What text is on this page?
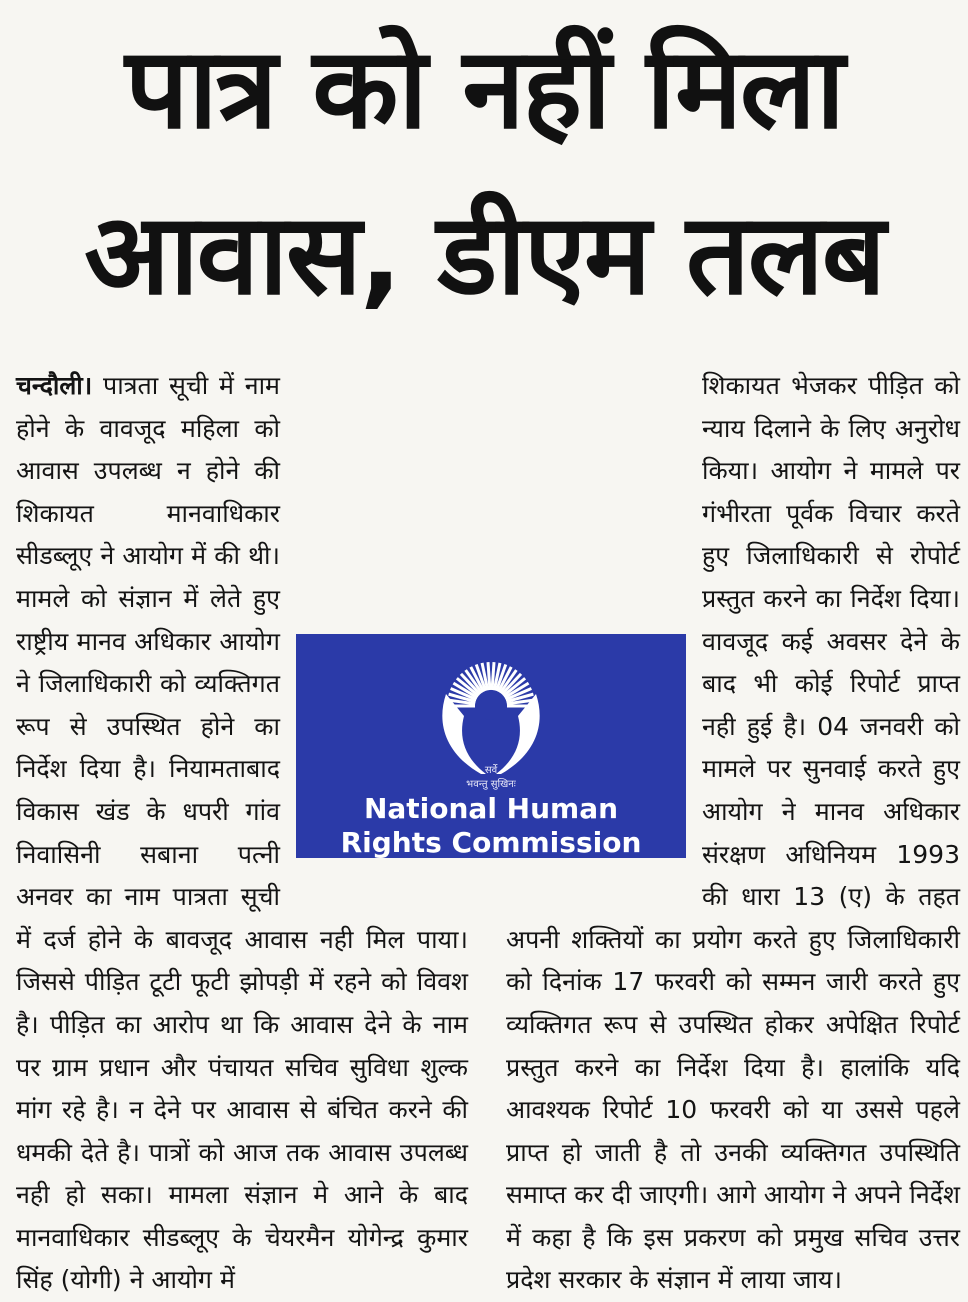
पात्र को नहीं मिला
आवास, डीएम तलब

चन्दौली। पात्रता सूची में नाम होने के वावजूद महिला को आवास उपलब्ध न होने की शिकायत मानवाधिकार सीडब्लूए ने आयोग में की थी। मामले को संज्ञान में लेते हुए राष्ट्रीय मानव अधिकार आयोग ने जिलाधिकारी को व्यक्तिगत रूप से उपस्थित होने का निर्देश दिया है। नियामताबाद विकास खंड के धपरी गांव निवासिनी सबाना पत्नी अनवर का नाम पात्रता सूची में दर्ज होने के बावजूद आवास नही मिल पाया। जिससे पीड़ित टूटी फूटी झोपड़ी में रहने को विवश है। पीड़ित का आरोप था कि आवास देने के नाम पर ग्राम प्रधान और पंचायत सचिव सुविधा शुल्क मांग रहे है। न देने पर आवास से बंचित करने की धमकी देते है। पात्रों को आज तक आवास उपलब्ध नही हो सका। मामला संज्ञान मे आने के बाद मानवाधिकार सीडब्लूए के चेयरमैन योगेन्द्र कुमार सिंह (योगी) ने आयोग में

शिकायत भेजकर पीड़ित को न्याय दिलाने के लिए अनुरोध किया। आयोग ने मामले पर गंभीरता पूर्वक विचार करते हुए जिलाधिकारी से रोपोर्ट प्रस्तुत करने का निर्देश दिया। वावजूद कई अवसर देने के बाद भी कोई रिपोर्ट प्राप्त नही हुई है। 04 जनवरी को मामले पर सुनवाई करते हुए आयोग ने मानव अधिकार संरक्षण अधिनियम 1993 की धारा 13 (ए) के तहत अपनी शक्तियों का प्रयोग करते हुए जिलाधिकारी को दिनांक 17 फरवरी को सम्मन जारी करते हुए व्यक्तिगत रूप से उपस्थित होकर अपेक्षित रिपोर्ट प्रस्तुत करने का निर्देश दिया है। हालांकि यदि आवश्यक रिपोर्ट 10 फरवरी को या उससे पहले प्राप्त हो जाती है तो उनकी व्यक्तिगत उपस्थिति समाप्त कर दी जाएगी। आगे आयोग ने अपने निर्देश में कहा है कि इस प्रकरण को प्रमुख सचिव उत्तर प्रदेश सरकार के संज्ञान में लाया जाय।

सर्वे
भवन्तु सुखिनः
National Human
Rights Commission
